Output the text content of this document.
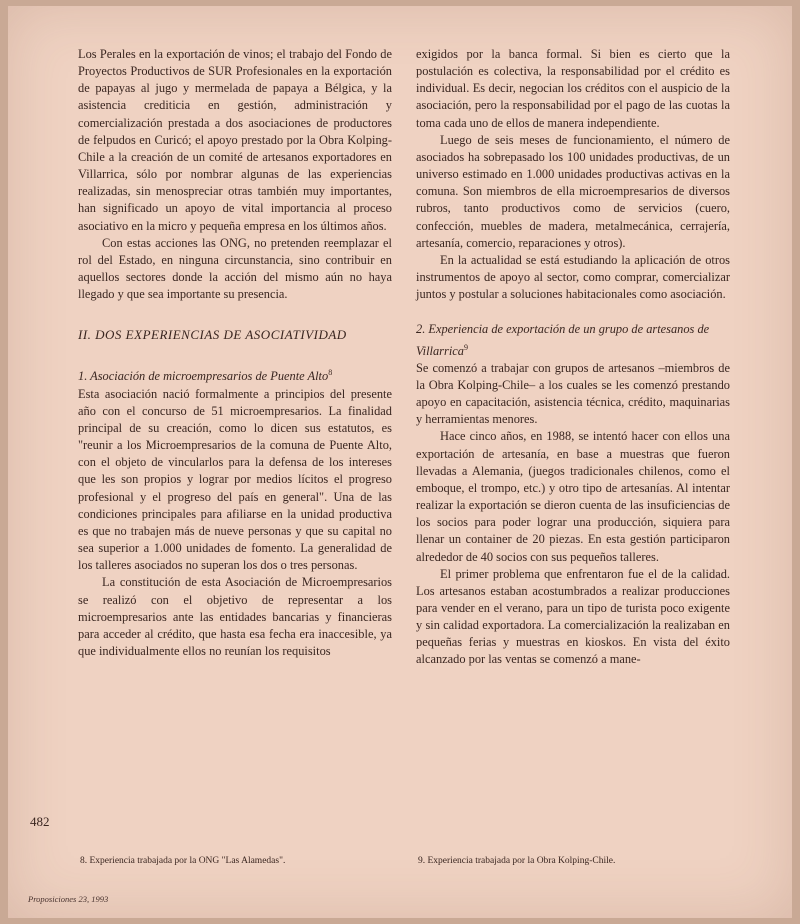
Los Perales en la exportación de vinos; el trabajo del Fondo de Proyectos Productivos de SUR Profesionales en la exportación de papayas al jugo y mermelada de papaya a Bélgica, y la asistencia crediticia en gestión, administración y comercialización prestada a dos asociaciones de productores de felpudos en Curicó; el apoyo prestado por la Obra Kolping-Chile a la creación de un comité de artesanos exportadores en Villarrica, sólo por nombrar algunas de las experiencias realizadas, sin menospreciar otras también muy importantes, han significado un apoyo de vital importancia al proceso asociativo en la micro y pequeña empresa en los últimos años.

Con estas acciones las ONG, no pretenden reemplazar el rol del Estado, en ninguna circunstancia, sino contribuir en aquellos sectores donde la acción del mismo aún no haya llegado y que sea importante su presencia.

II. DOS EXPERIENCIAS DE ASOCIATIVIDAD

1. Asociación de microempresarios de Puente Alto$^8$

Esta asociación nació formalmente a principios del presente año con el concurso de 51 microempresarios. La finalidad principal de su creación, como lo dicen sus estatutos, es "reunir a los Microempresarios de la comuna de Puente Alto, con el objeto de vincularlos para la defensa de los intereses que les son propios y lograr por medios lícitos el progreso profesional y el progreso del país en general". Una de las condiciones principales para afiliarse en la unidad productiva es que no trabajen más de nueve personas y que su capital no sea superior a 1.000 unidades de fomento. La generalidad de los talleres asociados no superan los dos o tres personas.

La constitución de esta Asociación de Microempresarios se realizó con el objetivo de representar a los microempresarios ante las entidades bancarias y financieras para acceder al crédito, que hasta esa fecha era inaccesible, ya que individualmente ellos no reunían los requisitos

exigidos por la banca formal. Si bien es cierto que la postulación es colectiva, la responsabilidad por el crédito es individual. Es decir, negocian los créditos con el auspicio de la asociación, pero la responsabilidad por el pago de las cuotas la toma cada uno de ellos de manera independiente.

Luego de seis meses de funcionamiento, el número de asociados ha sobrepasado los 100 unidades productivas, de un universo estimado en 1.000 unidades productivas activas en la comuna. Son miembros de ella microempresarios de diversos rubros, tanto productivos como de servicios (cuero, confección, muebles de madera, metalmecánica, cerrajería, artesanía, comercio, reparaciones y otros).

En la actualidad se está estudiando la aplicación de otros instrumentos de apoyo al sector, como comprar, comercializar juntos y postular a soluciones habitacionales como asociación.

2. Experiencia de exportación de un grupo de artesanos de Villarrica$^9$

Se comenzó a trabajar con grupos de artesanos –miembros de la Obra Kolping-Chile– a los cuales se les comenzó prestando apoyo en capacitación, asistencia técnica, crédito, maquinarias y herramientas menores.

Hace cinco años, en 1988, se intentó hacer con ellos una exportación de artesanía, en base a muestras que fueron llevadas a Alemania, (juegos tradicionales chilenos, como el emboque, el trompo, etc.) y otro tipo de artesanías. Al intentar realizar la exportación se dieron cuenta de las insuficiencias de los socios para poder lograr una producción, siquiera para llenar un container de 20 piezas. En esta gestión participaron alrededor de 40 socios con sus pequeños talleres.

El primer problema que enfrentaron fue el de la calidad. Los artesanos estaban acostumbrados a realizar producciones para vender en el verano, para un tipo de turista poco exigente y sin calidad exportadora. La comercialización la realizaban en pequeñas ferias y muestras en kioskos. En vista del éxito alcanzado por las ventas se comenzó a mane-

482
8. Experiencia trabajada por la ONG "Las Alamedas".	9. Experiencia trabajada por la Obra Kolping-Chile.
Proposiciones 23, 1993
